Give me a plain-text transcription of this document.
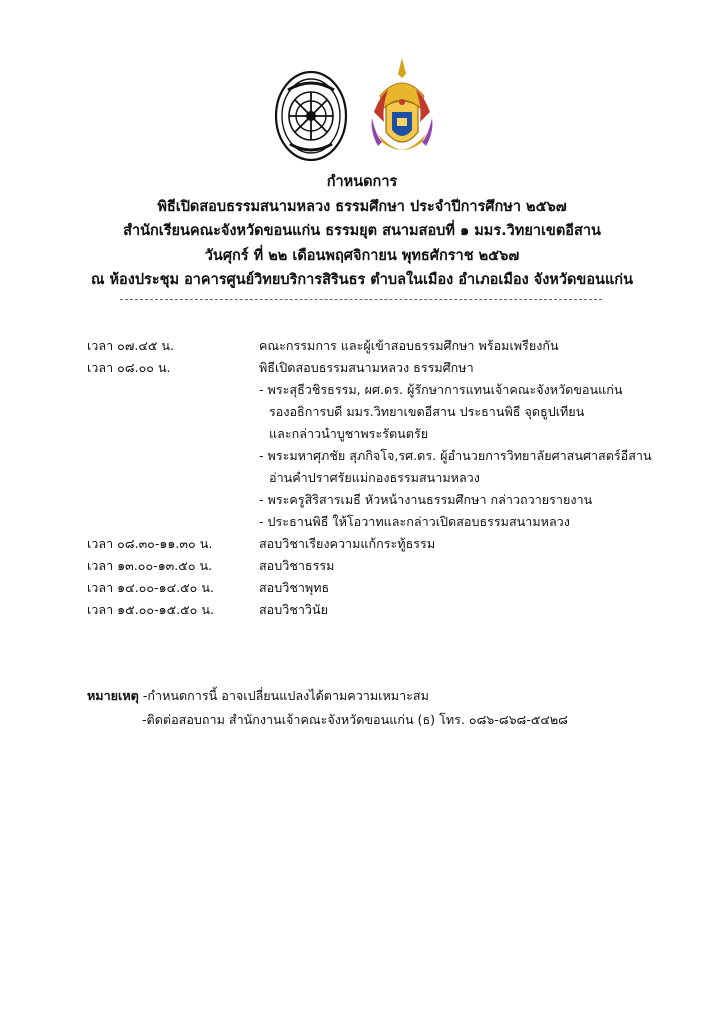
กำหนดการ
พิธีเปิดสอบธรรมสนามหลวง ธรรมศึกษา ประจำปีการศึกษา ๒๕๖๗
สำนักเรียนคณะจังหวัดขอนแก่น ธรรมยุต สนามสอบที่ ๑ มมร.วิทยาเขตอีสาน
วันศุกร์ ที่ ๒๒ เดือนพฤศจิกายน พุทธศักราช ๒๕๖๗
ณ ห้องประชุม อาคารศูนย์วิทยบริการสิรินธร ตำบลในเมือง อำเภอเมือง จังหวัดขอนแก่น
เวลา ๐๗.๔๕ น.	คณะกรรมการ และผู้เข้าสอบธรรมศึกษา พร้อมเพรียงกัน
เวลา ๐๘.๐๐ น.	พิธีเปิดสอบธรรมสนามหลวง ธรรมศึกษา
- พระสุธีวชิรธรรม, ผศ.ดร. ผู้รักษาการแทนเจ้าคณะจังหวัดขอนแก่น
รองอธิการบดี มมร.วิทยาเขตอีสาน ประธานพิธี จุดธูปเทียน
และกล่าวนำบูชาพระรัตนตรัย
- พระมหาศุภชัย สุภกิจโจ,รศ.ดร. ผู้อำนวยการวิทยาลัยศาสนศาสตร์อีสาน
อ่านคำปราศรัยแม่กองธรรมสนามหลวง
- พระครูสิริสารเมธี หัวหน้างานธรรมศึกษา กล่าวถวายรายงาน
- ประธานพิธี ให้โอวาทและกล่าวเปิดสอบธรรมสนามหลวง
เวลา ๐๘.๓๐-๑๑.๓๐ น.	สอบวิชาเรียงความแก้กระทู้ธรรม
เวลา ๑๓.๐๐-๑๓.๕๐ น.	สอบวิชาธรรม
เวลา ๑๔.๐๐-๑๔.๕๐ น.	สอบวิชาพุทธ
เวลา ๑๕.๐๐-๑๕.๕๐ น.	สอบวิชาวินัย
หมายเหตุ -กำหนดการนี้ อาจเปลี่ยนแปลงได้ตามความเหมาะสม
-ติดต่อสอบถาม สำนักงานเจ้าคณะจังหวัดขอนแก่น (ธ) โทร. ๐๘๖-๘๖๘-๕๔๒๘
